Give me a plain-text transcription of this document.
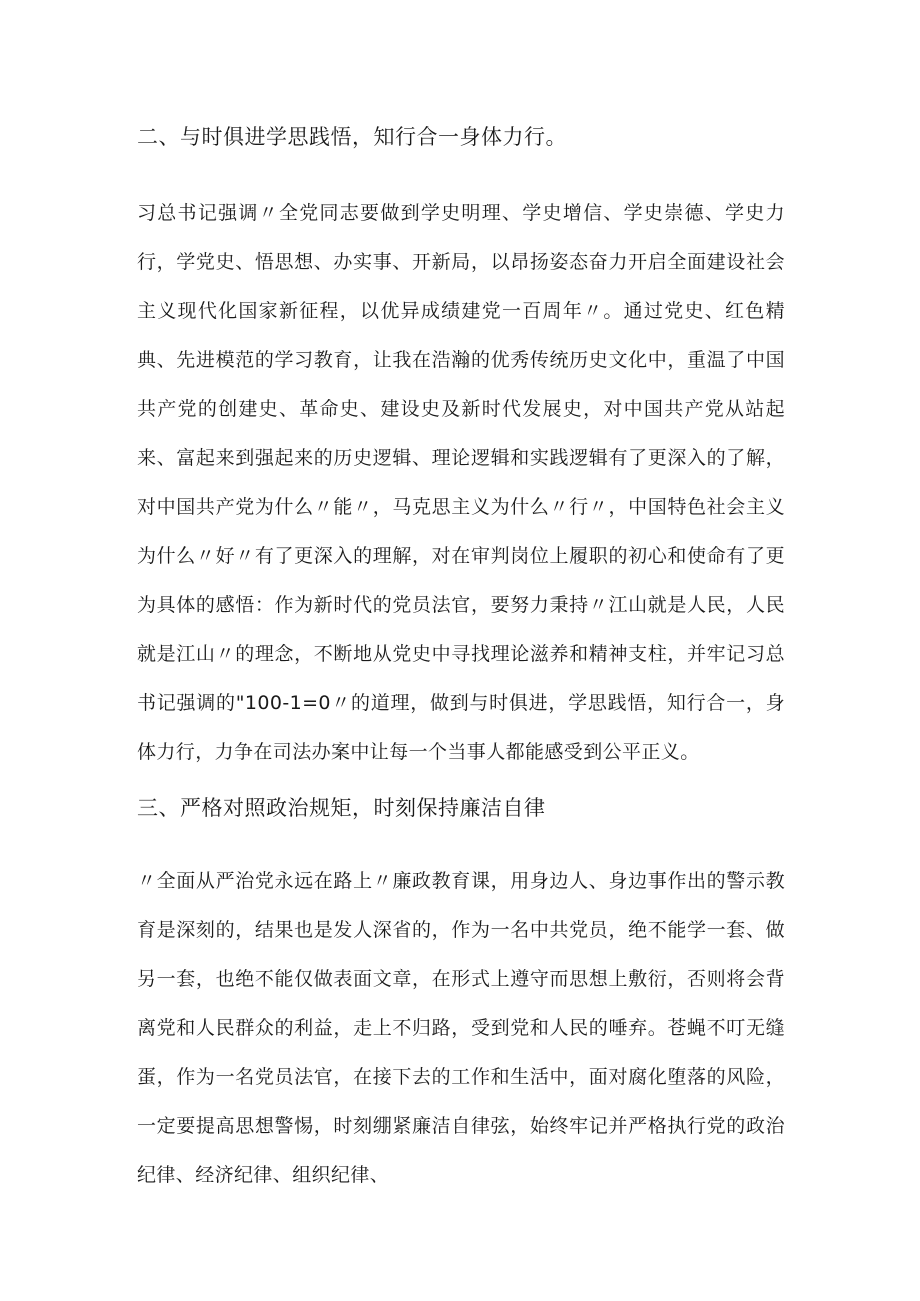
二、与时俱进学思践悟，知行合一身体力行。

习总书记强调〃全党同志要做到学史明理、学史增信、学史崇德、学史力行，学党史、悟思想、办实事、开新局，以昂扬姿态奋力开启全面建设社会主义现代化国家新征程，以优异成绩建党一百周年〃。通过党史、红色精典、先进模范的学习教育，让我在浩瀚的优秀传统历史文化中，重温了中国共产党的创建史、革命史、建设史及新时代发展史，对中国共产党从站起来、富起来到强起来的历史逻辑、理论逻辑和实践逻辑有了更深入的了解，对中国共产党为什么〃能〃，马克思主义为什么〃行〃，中国特色社会主义为什么〃好〃有了更深入的理解，对在审判岗位上履职的初心和使命有了更为具体的感悟：作为新时代的党员法官，要努力秉持〃江山就是人民，人民就是江山〃的理念，不断地从党史中寻找理论滋养和精神支柱，并牢记习总书记强调的"100-1=0〃的道理，做到与时俱进，学思践悟，知行合一，身体力行，力争在司法办案中让每一个当事人都能感受到公平正义。

三、严格对照政治规矩，时刻保持廉洁自律

〃全面从严治党永远在路上〃廉政教育课，用身边人、身边事作出的警示教育是深刻的，结果也是发人深省的，作为一名中共党员，绝不能学一套、做另一套，也绝不能仅做表面文章，在形式上遵守而思想上敷衍，否则将会背离党和人民群众的利益，走上不归路，受到党和人民的唾弃。苍蝇不叮无缝蛋，作为一名党员法官，在接下去的工作和生活中，面对腐化堕落的风险，一定要提高思想警惕，时刻绷紧廉洁自律弦，始终牢记并严格执行党的政治纪律、经济纪律、组织纪律、
